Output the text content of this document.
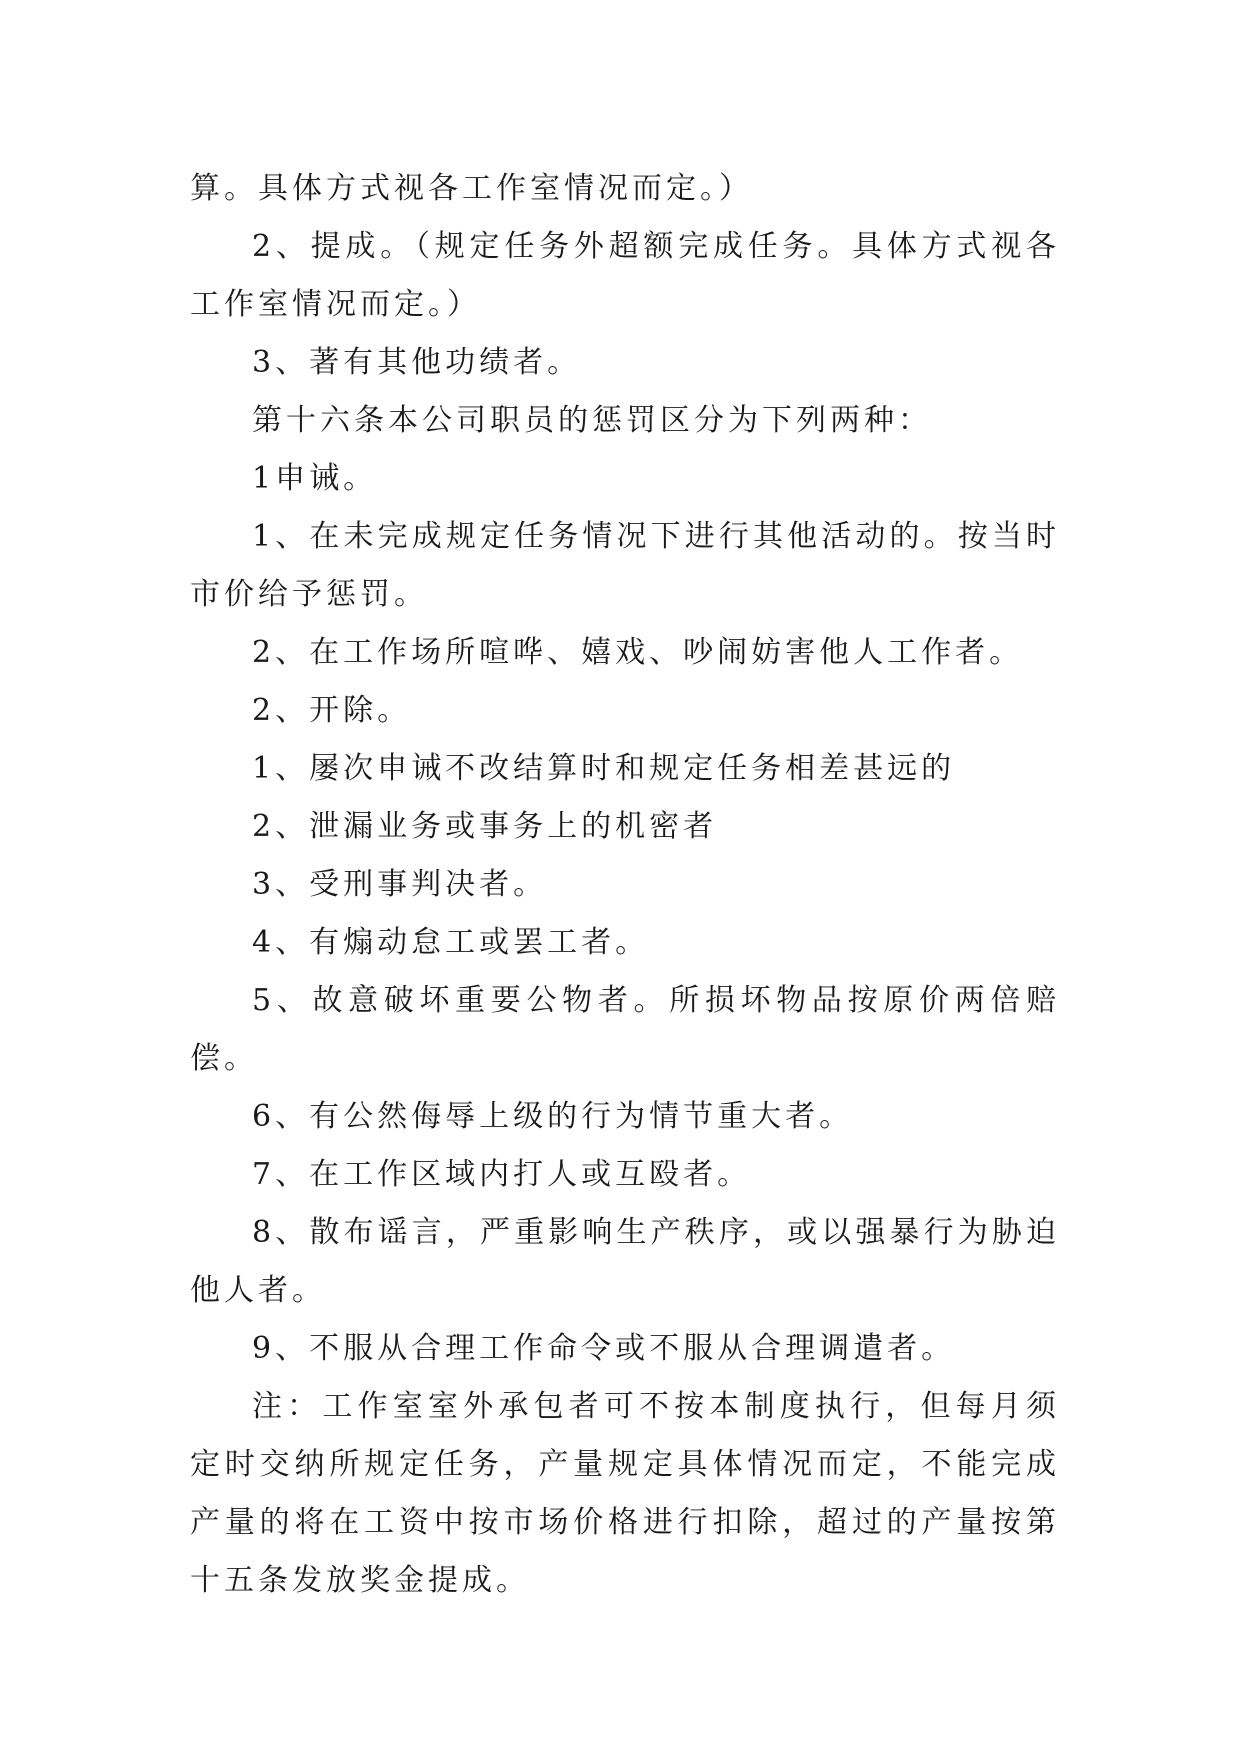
算。具体方式视各工作室情况而定。）

2、提成。（规定任务外超额完成任务。具体方式视各工作室情况而定。）

3、著有其他功绩者。

第十六条本公司职员的惩罚区分为下列两种：

1申诫。

1、在未完成规定任务情况下进行其他活动的。按当时市价给予惩罚。

2、在工作场所喧哗、嬉戏、吵闹妨害他人工作者。

2、开除。

1、屡次申诫不改结算时和规定任务相差甚远的

2、泄漏业务或事务上的机密者

3、受刑事判决者。

4、有煽动怠工或罢工者。

5、故意破坏重要公物者。所损坏物品按原价两倍赔偿。

6、有公然侮辱上级的行为情节重大者。

7、在工作区域内打人或互殴者。

8、散布谣言，严重影响生产秩序，或以强暴行为胁迫他人者。

9、不服从合理工作命令或不服从合理调遣者。

注：工作室室外承包者可不按本制度执行，但每月须定时交纳所规定任务，产量规定具体情况而定，不能完成产量的将在工资中按市场价格进行扣除，超过的产量按第十五条发放奖金提成。
